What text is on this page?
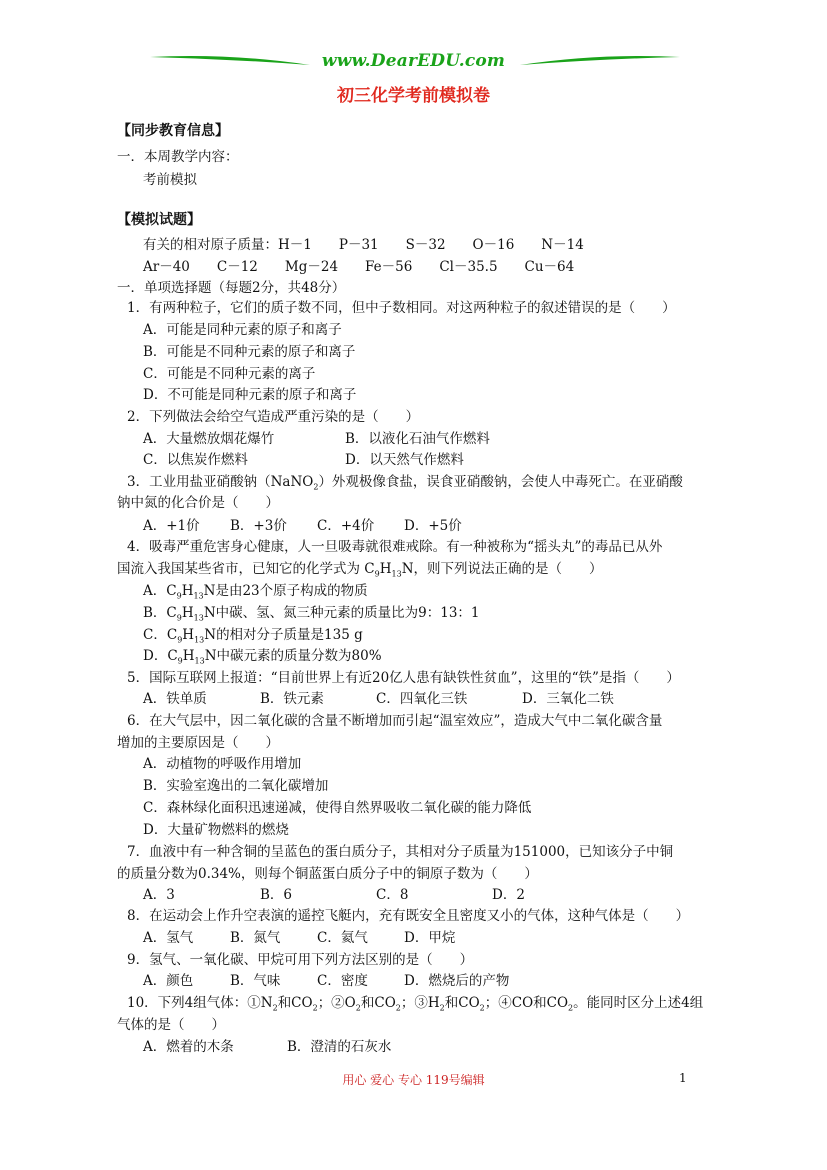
www.DearEDU.com
初三化学考前模拟卷
【同步教育信息】
一．本周教学内容：
考前模拟
【模拟试题】
有关的相对原子质量：H－1　　P－31　　S－32　　O－16　　N－14
Ar－40　　C－12　　Mg－24　　Fe－56　　Cl－35.5　　Cu－64
一．单项选择题（每题2分，共48分）
1．有两种粒子，它们的质子数不同，但中子数相同。对这两种粒子的叙述错误的是（　　）
A．可能是同种元素的原子和离子
B．可能是不同种元素的原子和离子
C．可能是不同种元素的离子
D．不可能是同种元素的原子和离子
2．下列做法会给空气造成严重污染的是（　　）
A．大量燃放烟花爆竹	B．以液化石油气作燃料
C．以焦炭作燃料	D．以天然气作燃料
3．工业用盐亚硝酸钠（NaNO$_2$）外观极像食盐，误食亚硝酸钠，会使人中毒死亡。在亚硝酸
钠中氮的化合价是（　　）
A．+1价 B．+3价 C．+4价 D．+5价
4．吸毒严重危害身心健康，人一旦吸毒就很难戒除。有一种被称为“摇头丸”的毒品已从外
国流入我国某些省市，已知它的化学式为 $C_9H_{13}N$，则下列说法正确的是（　　）
A．$C_9H_{13}N$是由23个原子构成的物质
B．$C_9H_{13}N$中碳、氢、氮三种元素的质量比为9：13：1
C．$C_9H_{13}N$的相对分子质量是135 g
D．$C_9H_{13}N$中碳元素的质量分数为80%
5．国际互联网上报道：“目前世界上有近20亿人患有缺铁性贫血”，这里的“铁”是指（　　）
A．铁单质	B．铁元素	C．四氧化三铁	D．三氧化二铁
6．在大气层中，因二氧化碳的含量不断增加而引起“温室效应”，造成大气中二氧化碳含量
增加的主要原因是（　　）
A．动植物的呼吸作用增加
B．实验室逸出的二氧化碳增加
C．森林绿化面积迅速递减，使得自然界吸收二氧化碳的能力降低
D．大量矿物燃料的燃烧
7．血液中有一种含铜的呈蓝色的蛋白质分子，其相对分子质量为151000，已知该分子中铜
的质量分数为0.34%，则每个铜蓝蛋白质分子中的铜原子数为（　　）
A．3	B．6	C．8	D．2
8．在运动会上作升空表演的遥控飞艇内，充有既安全且密度又小的气体，这种气体是（　　）
A．氢气	B．氮气	C．氦气	D．甲烷
9．氢气、一氧化碳、甲烷可用下列方法区别的是（　　）
A．颜色	B．气味	C．密度	D．燃烧后的产物
10．下列4组气体：$①N_2$和$CO_2$；$②O_2$和$CO_2$；$③H_2$和$CO_2$；④CO和$CO_2$。能同时区分上述4组
气体的是（　　）
A．燃着的木条	B．澄清的石灰水
用心 爱心 专心 119号编辑	1
